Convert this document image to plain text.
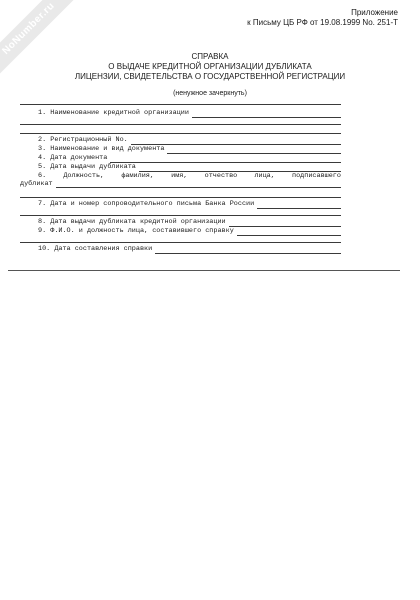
NoNumber.ru	Приложение
к Письму ЦБ РФ от 19.08.1999 No. 251-Т
СПРАВКА
О ВЫДАЧЕ КРЕДИТНОЙ ОРГАНИЗАЦИИ ДУБЛИКАТА
ЛИЦЕНЗИИ, СВИДЕТЕЛЬСТВА О ГОСУДАРСТВЕННОЙ РЕГИСТРАЦИИ
(ненужное зачеркнуть)
1. Наименование кредитной организации
2. Регистрационный No.
3. Наименование и вид документа
4. Дата документа
5. Дата выдачи дубликата
6.	Должность,	фамилия,	имя,	отчество	лица,	подписавшего
дубликат
7. Дата и номер сопроводительного письма Банка России
8. Дата выдачи дубликата кредитной организации
9. Ф.И.О. и должность лица, составившего справку
10. Дата составления справки
